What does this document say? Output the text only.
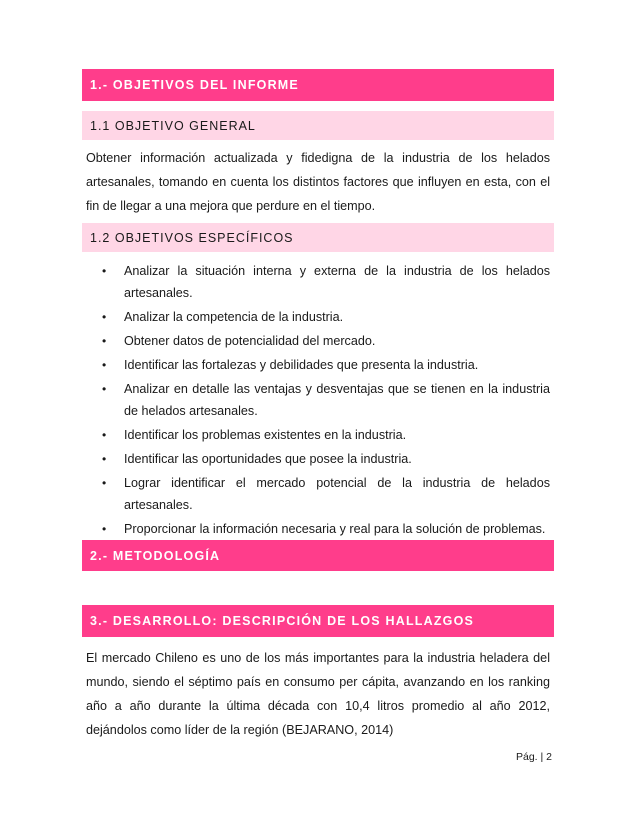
1.- OBJETIVOS DEL INFORME
1.1 OBJETIVO GENERAL

Obtener información actualizada y fidedigna de la industria de los helados artesanales, tomando en cuenta los distintos factores que influyen en esta, con el fin de llegar a una mejora que perdure en el tiempo.

1.2 OBJETIVOS ESPECÍFICOS
• Analizar la situación interna y externa de la industria de los helados artesanales.
• Analizar la competencia de la industria.
• Obtener datos de potencialidad del mercado.
• Identificar las fortalezas y debilidades que presenta la industria.
• Analizar en detalle las ventajas y desventajas que se tienen en la industria de helados artesanales.
• Identificar los problemas existentes en la industria.
• Identificar las oportunidades que posee la industria.
• Lograr identificar el mercado potencial de la industria de helados artesanales.
• Proporcionar la información necesaria y real para la solución de problemas.
2.- METODOLOGÍA
3.- DESARROLLO: DESCRIPCIÓN DE LOS HALLAZGOS

El mercado Chileno es uno de los más importantes para la industria heladera del mundo, siendo el séptimo país en consumo per cápita, avanzando en los ranking año a año durante la última década con 10,4 litros promedio al año 2012, dejándolos como líder de la región (BEJARANO, 2014)

Pág. | 2
